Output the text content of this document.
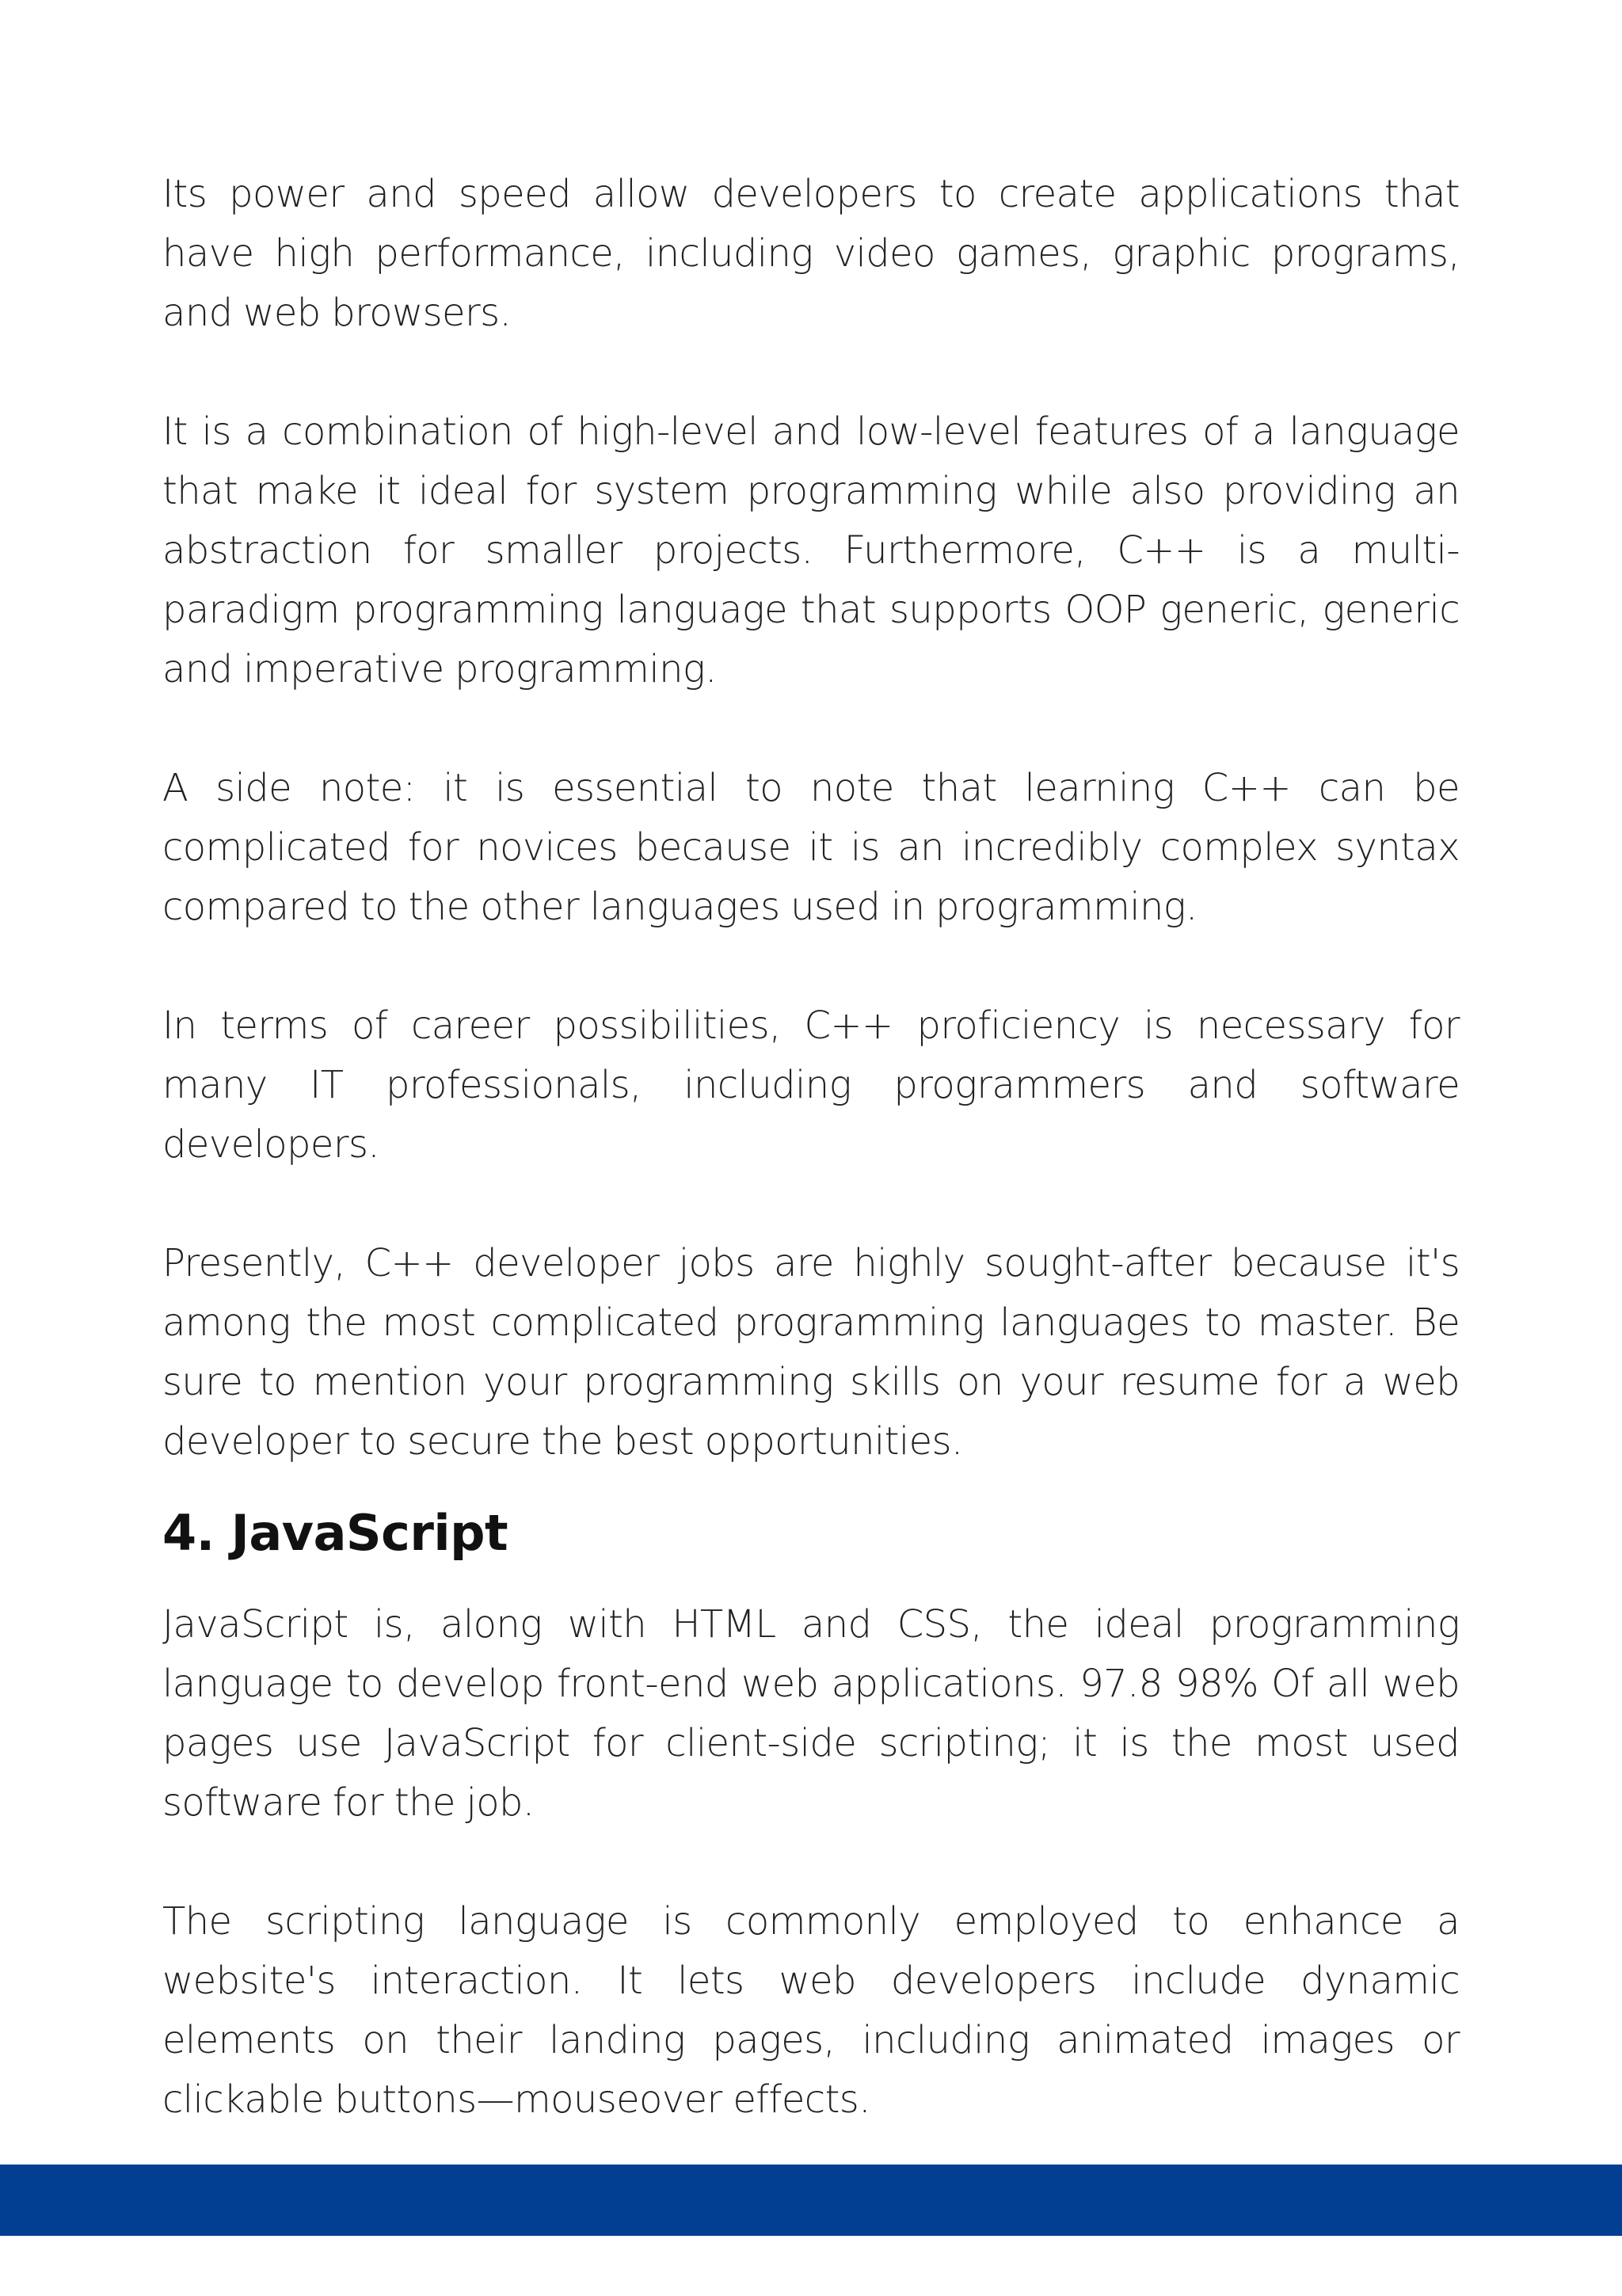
Its power and speed allow developers to create applications that have high performance, including video games, graphic programs, and web browsers.

It is a combination of high-level and low-level features of a language that make it ideal for system programming while also providing an abstraction for smaller projects. Furthermore, C++ is a multi-paradigm programming language that supports OOP generic, generic and imperative programming.

A side note: it is essential to note that learning C++ can be complicated for novices because it is an incredibly complex syntax compared to the other languages used in programming.

In terms of career possibilities, C++ proficiency is necessary for many IT professionals, including programmers and software developers.

Presently, C++ developer jobs are highly sought-after because it's among the most complicated programming languages to master. Be sure to mention your programming skills on your resume for a web developer to secure the best opportunities.

4. JavaScript

JavaScript is, along with HTML and CSS, the ideal programming language to develop front-end web applications. 97.8 98% Of all web pages use JavaScript for client-side scripting; it is the most used software for the job.

The scripting language is commonly employed to enhance a website's interaction. It lets web developers include dynamic elements on their landing pages, including animated images or clickable buttons—mouseover effects.
